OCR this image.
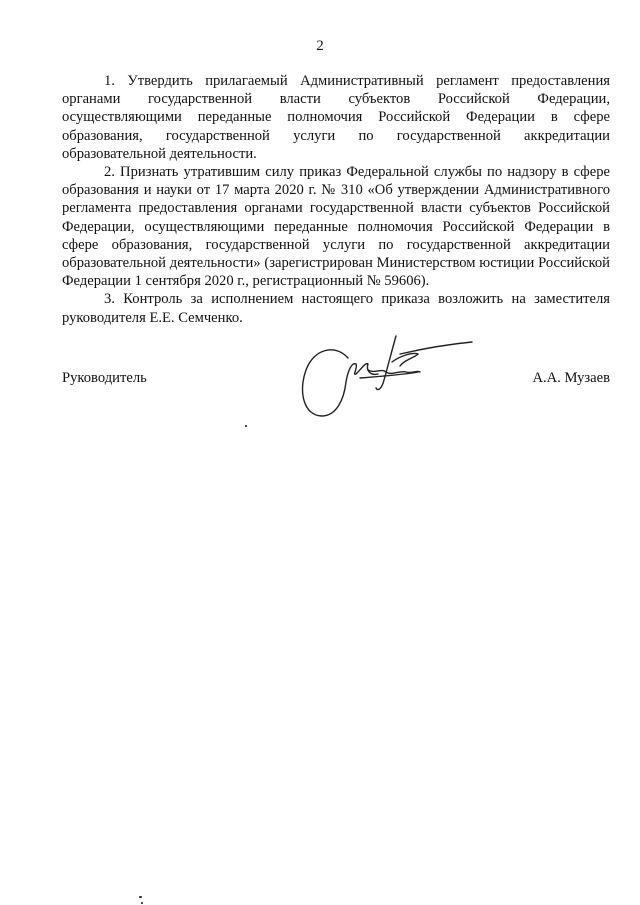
2

1. Утвердить прилагаемый Административный регламент предоставления органами государственной власти субъектов Российской Федерации, осуществляющими переданные полномочия Российской Федерации в сфере образования, государственной услуги по государственной аккредитации образовательной деятельности.

2. Признать утратившим силу приказ Федеральной службы по надзору в сфере образования и науки от 17 марта 2020 г. № 310 «Об утверждении Административного регламента предоставления органами государственной власти субъектов Российской Федерации, осуществляющими переданные полномочия Российской Федерации в сфере образования, государственной услуги по государственной аккредитации образовательной деятельности» (зарегистрирован Министерством юстиции Российской Федерации 1 сентября 2020 г., регистрационный № 59606).

3. Контроль за исполнением настоящего приказа возложить на заместителя руководителя Е.Е. Семченко.

Руководитель	А.А. Музаев
